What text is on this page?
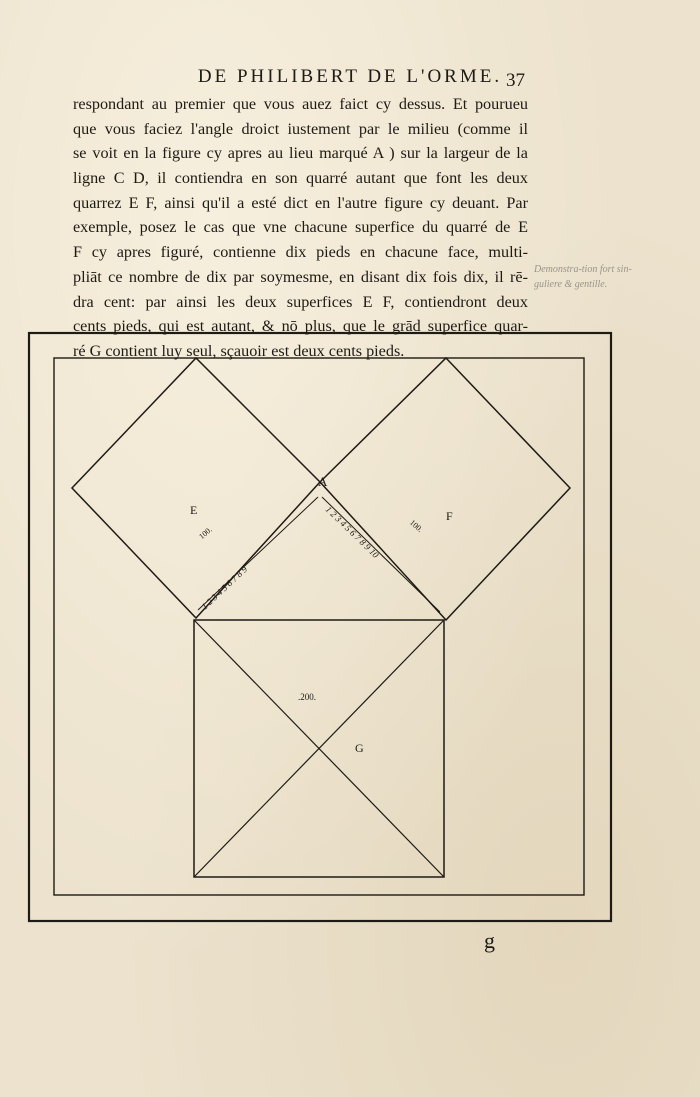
DE PHILIBERT DE L'ORME. 37
respondant au premier que vous auez faict cy dessus. Et pourueu
que vous faciez l'angle droict iustement par le milieu (comme il
se voit en la figure cy apres au lieu marqué A ) sur la largeur de la
ligne C D, il contiendra en son quarré autant que font les deux
quarrez E F, ainsi qu'il a esté dict en l'autre figure cy deuant. Par
exemple, posez le cas que vne chacune superfice du quarré de E
F cy apres figuré, contienne dix pieds en chacune face, multi-
pliāt ce nombre de dix par soymesme, en disant dix fois dix, il rē-
dra cent: par ainsi les deux superfices E F, contiendront deux
cents pieds, qui est autant, & nō plus, que le grād superfice quar-
ré G contient luy seul, sçauoir est deux cents pieds.
Demonstra-tion fort sin-guliere & gentille.
A
E	F
G
100.	100.
.200.
1 2 3 4 5 6 7 8 9
1 2 3 4 5 6 7 8 9 10
g
